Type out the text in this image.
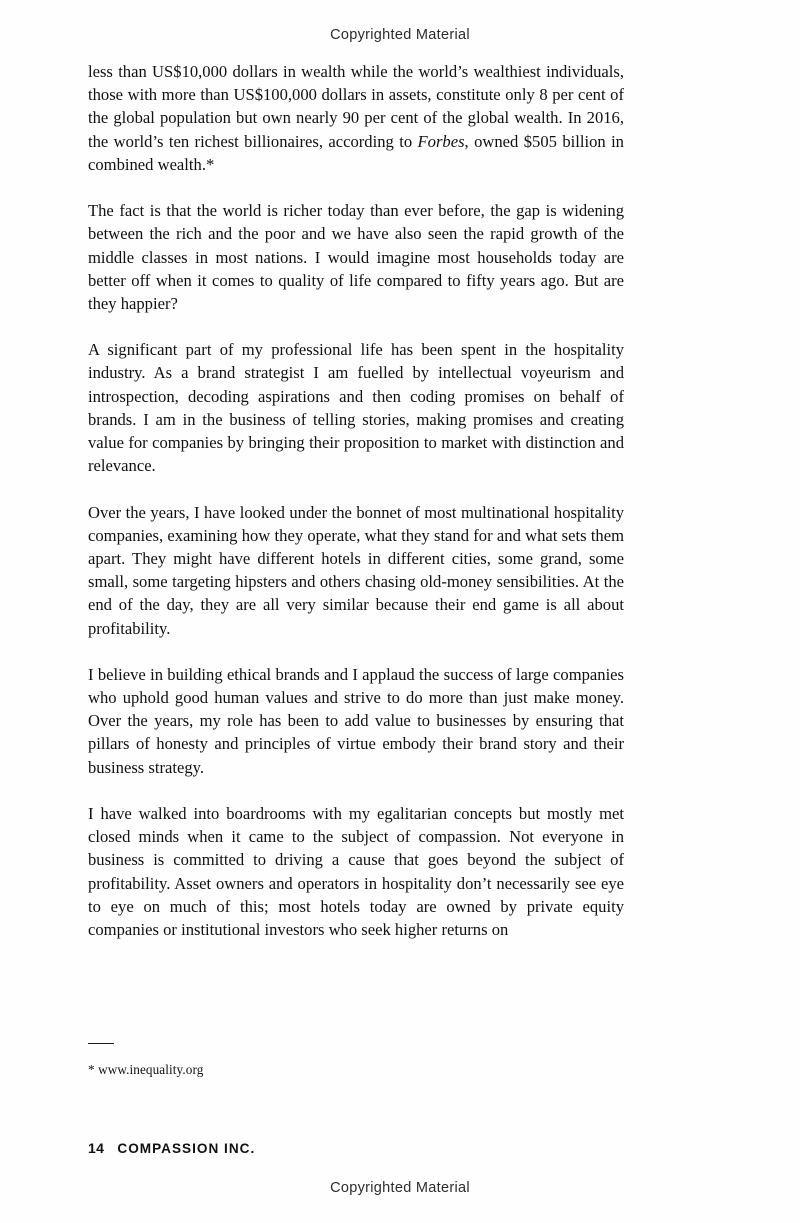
Copyrighted Material

less than US$10,000 dollars in wealth while the world’s wealthiest individuals, those with more than US$100,000 dollars in assets, constitute only 8 per cent of the global population but own nearly 90 per cent of the global wealth. In 2016, the world’s ten richest billionaires, according to Forbes, owned $505 billion in combined wealth.*

The fact is that the world is richer today than ever before, the gap is widening between the rich and the poor and we have also seen the rapid growth of the middle classes in most nations. I would imagine most households today are better off when it comes to quality of life compared to fifty years ago. But are they happier?

A significant part of my professional life has been spent in the hospitality industry. As a brand strategist I am fuelled by intellectual voyeurism and introspection, decoding aspirations and then coding promises on behalf of brands. I am in the business of telling stories, making promises and creating value for companies by bringing their proposition to market with distinction and relevance.

Over the years, I have looked under the bonnet of most multinational hospitality companies, examining how they operate, what they stand for and what sets them apart. They might have different hotels in different cities, some grand, some small, some targeting hipsters and others chasing old-money sensibilities. At the end of the day, they are all very similar because their end game is all about profitability.

I believe in building ethical brands and I applaud the success of large companies who uphold good human values and strive to do more than just make money. Over the years, my role has been to add value to businesses by ensuring that pillars of honesty and principles of virtue embody their brand story and their business strategy.

I have walked into boardrooms with my egalitarian concepts but mostly met closed minds when it came to the subject of compassion. Not everyone in business is committed to driving a cause that goes beyond the subject of profitability. Asset owners and operators in hospitality don’t necessarily see eye to eye on much of this; most hotels today are owned by private equity companies or institutional investors who seek higher returns on

* www.inequality.org
14 COMPASSION INC.
Copyrighted Material
